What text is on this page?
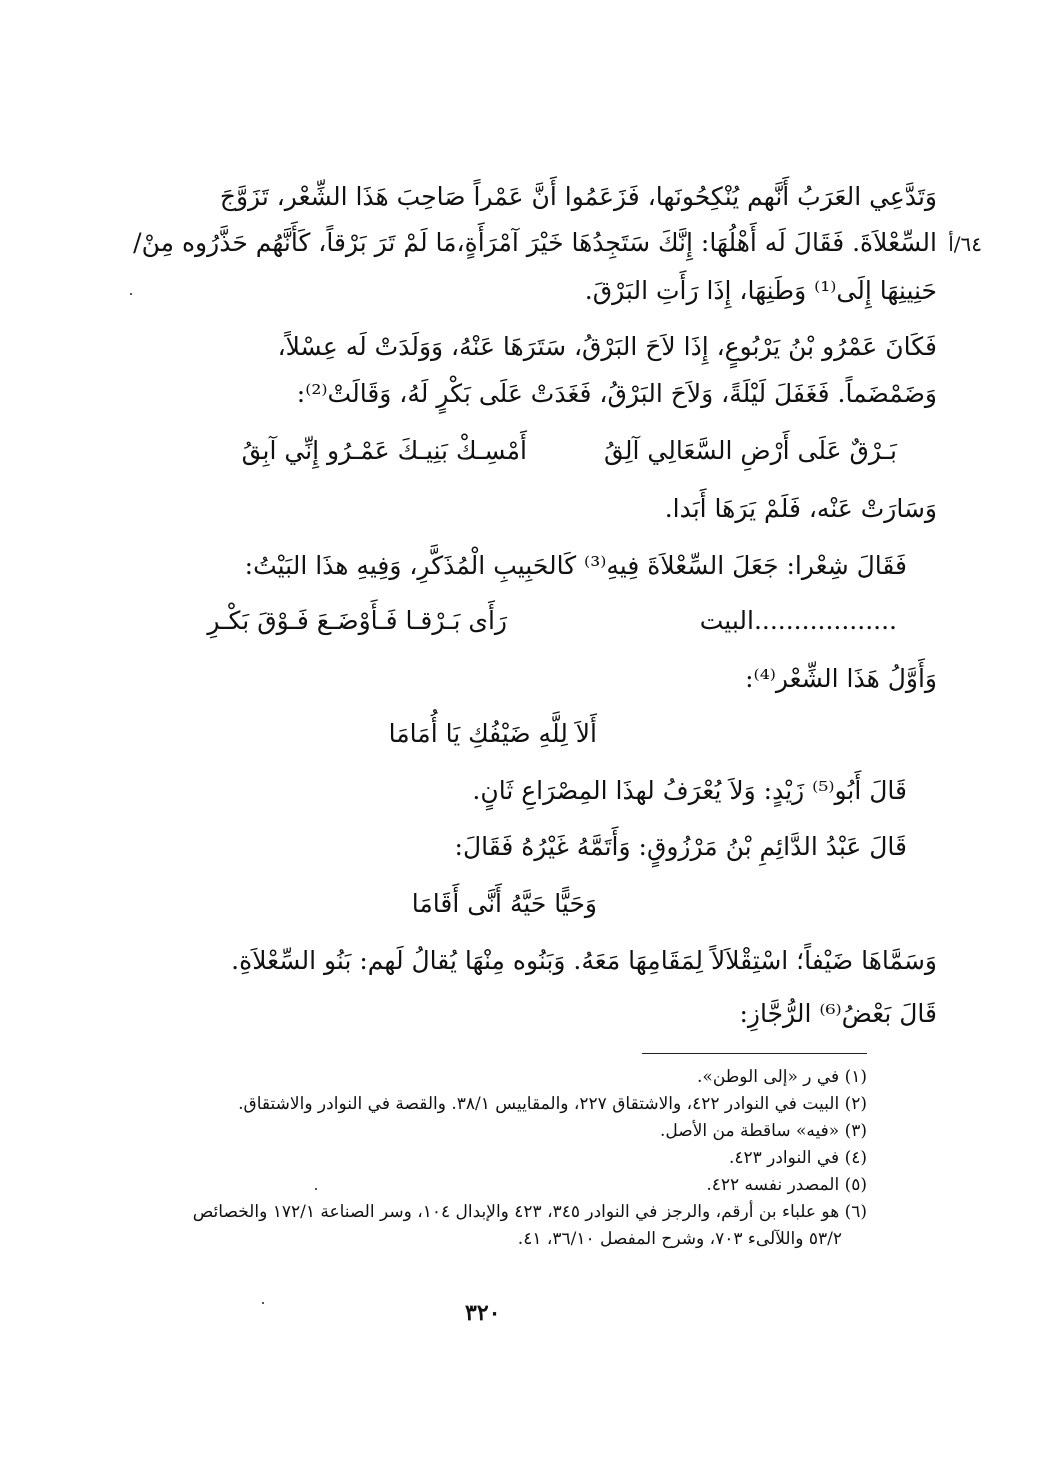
وَتَدَّعِي العَرَبُ أَنَّهم يُنْكِحُونَها، فَزَعَمُوا أَنَّ عَمْراً صَاحِبَ هَذَا الشِّعْر، تَزَوَّجَ
السِّعْلاَةَ. فَقَالَ لَه أَهْلُهَا: إِنَّكَ سَتَجِدُهَا خَيْرَ آمْرَأَةٍ،مَا لَمْ تَرَ بَرْقاً، كَأَنَّهُم حَذَّرُوه مِنْ/ ٦٤/أ
حَنِينِهَا إِلَى⁽¹⁾ وَطَنِهَا، إِذَا رَأَتِ البَرْقَ.
فَكَانَ عَمْرُو بْنُ يَرْبُوعٍ، إِذَا لاَحَ البَرْقُ، سَتَرَهَا عَنْهُ، وَوَلَدَتْ لَه عِسْلاً،
وَضَمْضَماً. فَغَفَلَ لَيْلَةً، وَلاَحَ البَرْقُ، فَغَدَتْ عَلَى بَكْرٍ لَهُ، وَقَالَتْ⁽²⁾:
أَمْسِـكْ بَنِيـكَ عَمْـرُو إِنِّي آبِقُ	بَـرْقٌ عَلَى أَرْضِ السَّعَالِي آلِقُ
وَسَارَتْ عَنْه، فَلَمْ يَرَهَا أَبَدا.
فَقَالَ شِعْرا: جَعَلَ السِّعْلاَةَ فِيهِ⁽³⁾ كَالحَبِيبِ الْمُذَكَّرِ، وَفِيهِ هذَا البَيْتُ:
رَأَى بَـرْقـا فَـأَوْضَـعَ فَـوْقَ بَكْـرِ	..................البيت
وَأَوَّلُ هَذَا الشِّعْر⁽⁴⁾:
أَلاَ لِلَّهِ ضَيْفُكِ يَا أُمَامَا
قَالَ أَبُو⁽⁵⁾ زَيْدٍ: وَلاَ يُعْرَفُ لهذَا المِصْرَاعِ ثَانٍ.
قَالَ عَبْدُ الدَّائِمِ بْنُ مَرْزُوقٍ: وَأَتَمَّهُ غَيْرُهُ فَقَالَ:
وَحَيًّا حَيَّهُ أَنَّى أَقَامَا
وَسَمَّاهَا ضَيْفاً؛ اسْتِقْلاَلاً لِمَقَامِهَا مَعَهُ. وَبَنُوه مِنْهَا يُقالُ لَهم: بَنُو السِّعْلاَةِ.
قَالَ بَعْضُ⁽⁶⁾ الرُّجَّازِ:
(١) في ر «إلى الوطن».
(٢) البيت في النوادر ٤٢٢، والاشتقاق ٢٢٧، والمقاييس ٣٨/١. والقصة في النوادر والاشتقاق.
(٣) «فيه» ساقطة من الأصل.
(٤) في النوادر ٤٢٣.
(٥) المصدر نفسه ٤٢٢.
(٦) هو علباء بن أرقم، والرجز في النوادر ٣٤٥، ٤٢٣ والإبدال ١٠٤، وسر الصناعة ١٧٢/١ والخصائص
٥٣/٢ واللآلىء ٧٠٣، وشرح المفصل ٣٦/١٠، ٤١.
٣٢٠
